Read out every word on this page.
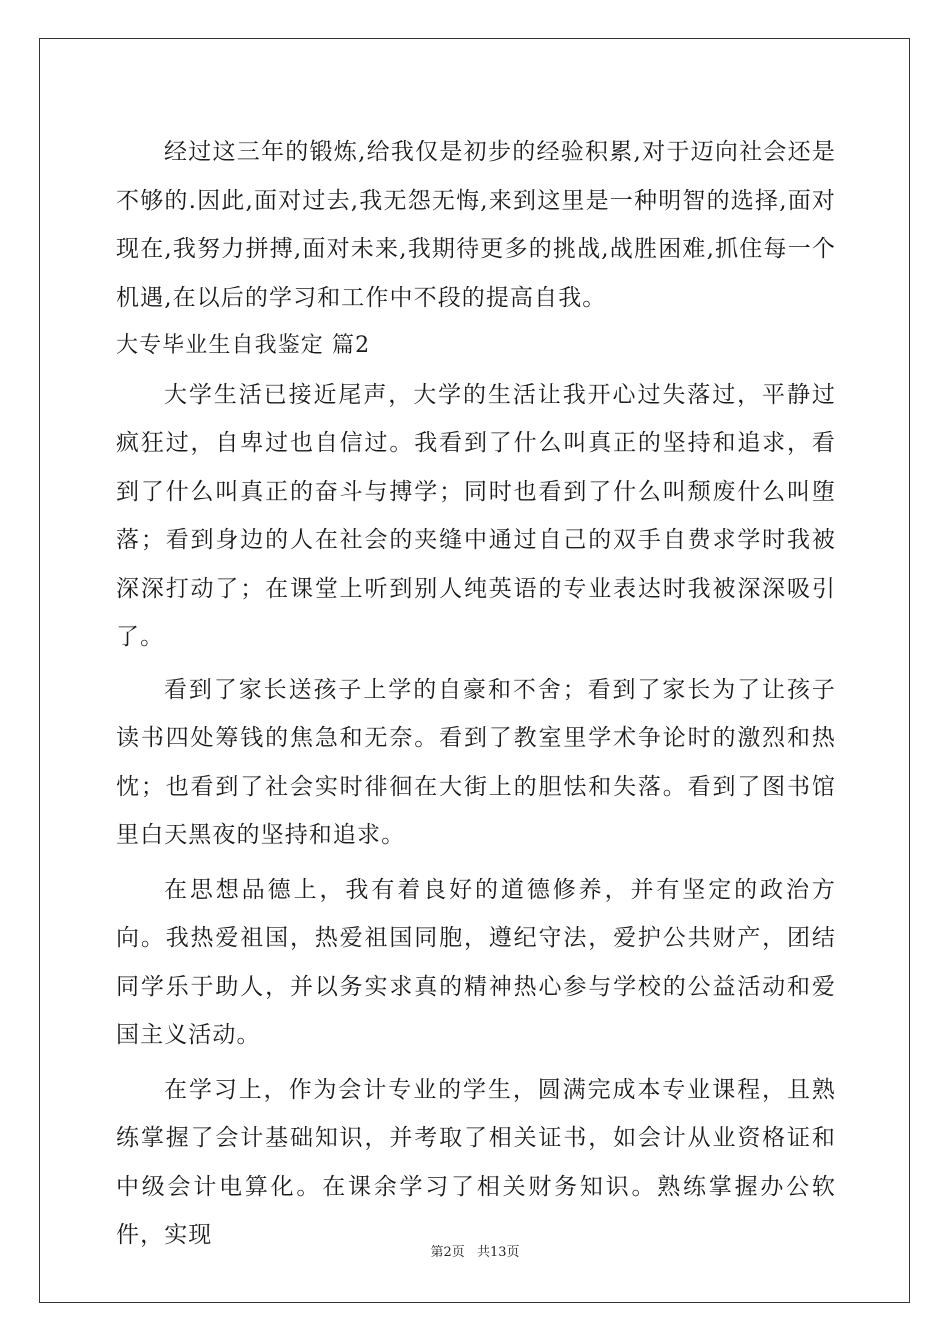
经过这三年的锻炼,给我仅是初步的经验积累,对于迈向社会还是不够的.因此,面对过去,我无怨无悔,来到这里是一种明智的选择,面对现在,我努力拼搏,面对未来,我期待更多的挑战,战胜困难,抓住每一个机遇,在以后的学习和工作中不段的提高自我。

大专毕业生自我鉴定 篇2

大学生活已接近尾声，大学的生活让我开心过失落过，平静过疯狂过，自卑过也自信过。我看到了什么叫真正的坚持和追求，看到了什么叫真正的奋斗与搏学；同时也看到了什么叫颓废什么叫堕落；看到身边的人在社会的夹缝中通过自己的双手自费求学时我被深深打动了；在课堂上听到别人纯英语的专业表达时我被深深吸引了。

看到了家长送孩子上学的自豪和不舍；看到了家长为了让孩子读书四处筹钱的焦急和无奈。看到了教室里学术争论时的激烈和热忱；也看到了社会实时徘徊在大街上的胆怯和失落。看到了图书馆里白天黑夜的坚持和追求。

在思想品德上，我有着良好的道德修养，并有坚定的政治方向。我热爱祖国，热爱祖国同胞，遵纪守法，爱护公共财产，团结同学乐于助人，并以务实求真的精神热心参与学校的公益活动和爱国主义活动。

在学习上，作为会计专业的学生，圆满完成本专业课程，且熟练掌握了会计基础知识，并考取了相关证书，如会计从业资格证和中级会计电算化。在课余学习了相关财务知识。熟练掌握办公软件，实现

第2页 共13页
